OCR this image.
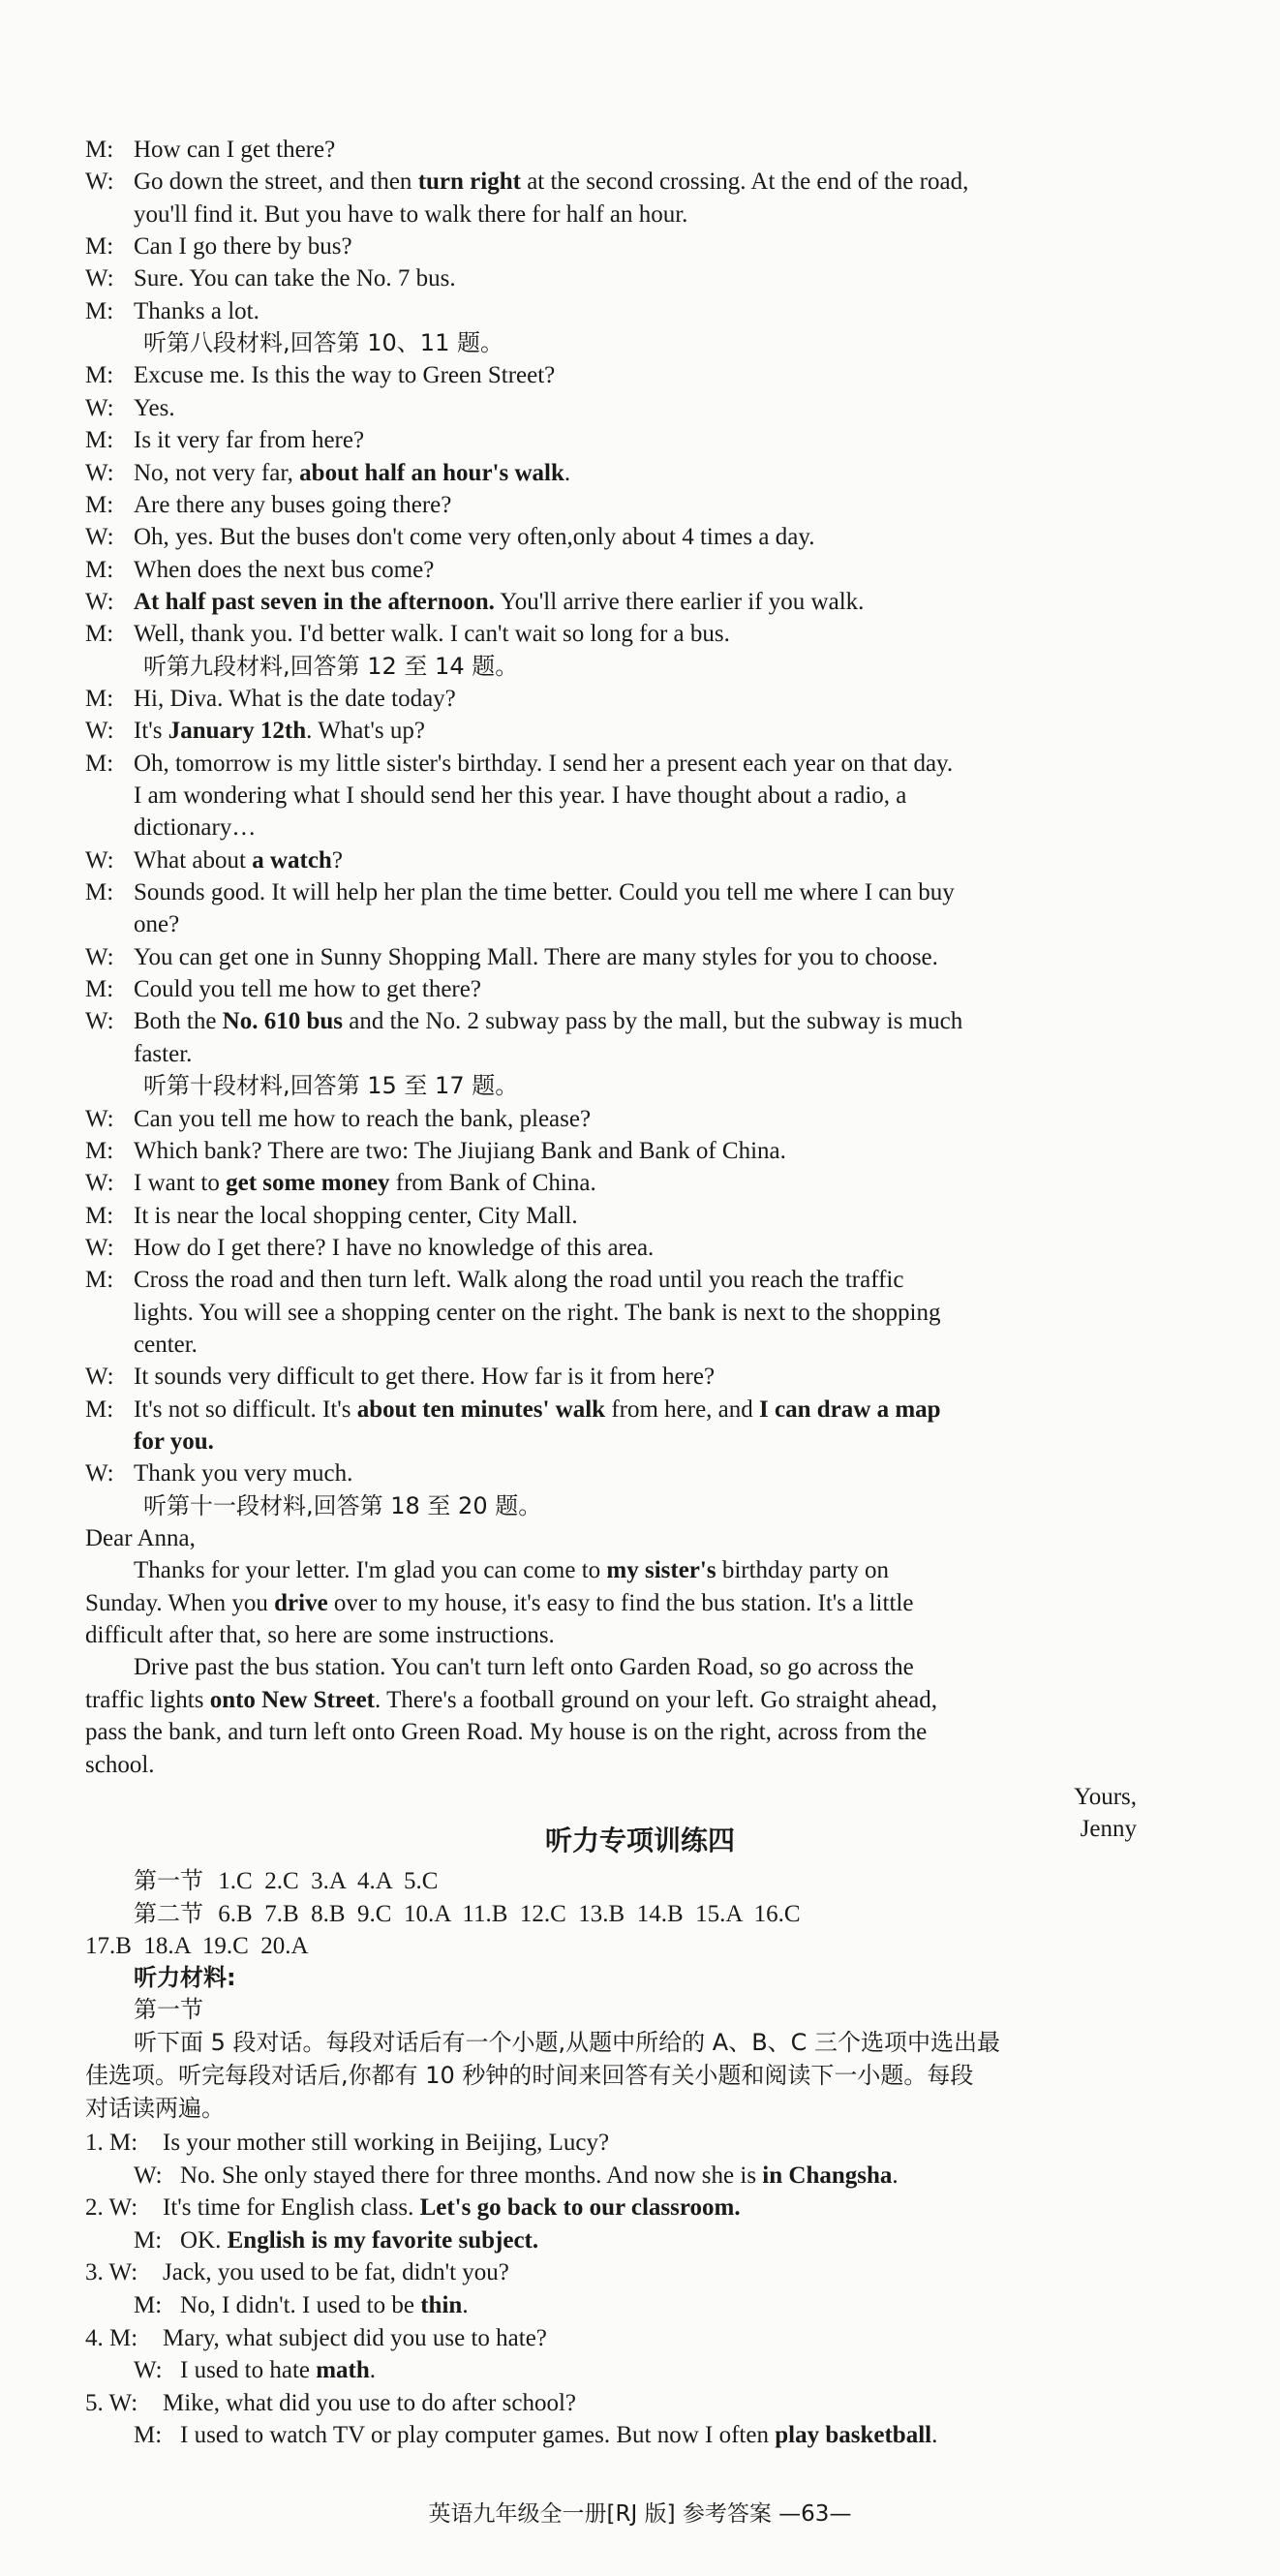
M: How can I get there?
W: Go down the street, and then turn right at the second crossing. At the end of the road,
you'll find it. But you have to walk there for half an hour.
M: Can I go there by bus?
W: Sure. You can take the No. 7 bus.
M: Thanks a lot.
听第八段材料,回答第 10、11 题。
M: Excuse me. Is this the way to Green Street?
W: Yes.
M: Is it very far from here?
W: No, not very far, about half an hour's walk.
M: Are there any buses going there?
W: Oh, yes. But the buses don't come very often,only about 4 times a day.
M: When does the next bus come?
W: At half past seven in the afternoon. You'll arrive there earlier if you walk.
M: Well, thank you. I'd better walk. I can't wait so long for a bus.
听第九段材料,回答第 12 至 14 题。
M: Hi, Diva. What is the date today?
W: It's January 12th. What's up?
M: Oh, tomorrow is my little sister's birthday. I send her a present each year on that day.
I am wondering what I should send her this year. I have thought about a radio, a
dictionary…
W: What about a watch?
M: Sounds good. It will help her plan the time better. Could you tell me where I can buy
one?
W: You can get one in Sunny Shopping Mall. There are many styles for you to choose.
M: Could you tell me how to get there?
W: Both the No. 610 bus and the No. 2 subway pass by the mall, but the subway is much
faster.
听第十段材料,回答第 15 至 17 题。
W: Can you tell me how to reach the bank, please?
M: Which bank? There are two: The Jiujiang Bank and Bank of China.
W: I want to get some money from Bank of China.
M: It is near the local shopping center, City Mall.
W: How do I get there? I have no knowledge of this area.
M: Cross the road and then turn left. Walk along the road until you reach the traffic
lights. You will see a shopping center on the right. The bank is next to the shopping
center.
W: It sounds very difficult to get there. How far is it from here?
M: It's not so difficult. It's about ten minutes' walk from here, and I can draw a map
for you.
W: Thank you very much.
听第十一段材料,回答第 18 至 20 题。
Dear Anna,
Thanks for your letter. I'm glad you can come to my sister's birthday party on
Sunday. When you drive over to my house, it's easy to find the bus station. It's a little
difficult after that, so here are some instructions.
Drive past the bus station. You can't turn left onto Garden Road, so go across the
traffic lights onto New Street. There's a football ground on your left. Go straight ahead,
pass the bank, and turn left onto Green Road. My house is on the right, across from the
school.
Yours,
Jenny
听力专项训练四
第一节 1.C  2.C  3.A  4.A  5.C
第二节 6.B  7.B  8.B  9.C  10.A  11.B  12.C  13.B  14.B  15.A  16.C
17.B  18.A  19.C  20.A
听力材料:
第一节
听下面 5 段对话。每段对话后有一个小题,从题中所给的 A、B、C 三个选项中选出最
佳选项。听完每段对话后,你都有 10 秒钟的时间来回答有关小题和阅读下一小题。每段
对话读两遍。
1. M: Is your mother still working in Beijing, Lucy?
W: No. She only stayed there for three months. And now she is in Changsha.
2. W: It's time for English class. Let's go back to our classroom.
M: OK. English is my favorite subject.
3. W: Jack, you used to be fat, didn't you?
M: No, I didn't. I used to be thin.
4. M: Mary, what subject did you use to hate?
W: I used to hate math.
5. W: Mike, what did you use to do after school?
M: I used to watch TV or play computer games. But now I often play basketball.
英语九年级全一册[RJ 版] 参考答案 —63—
